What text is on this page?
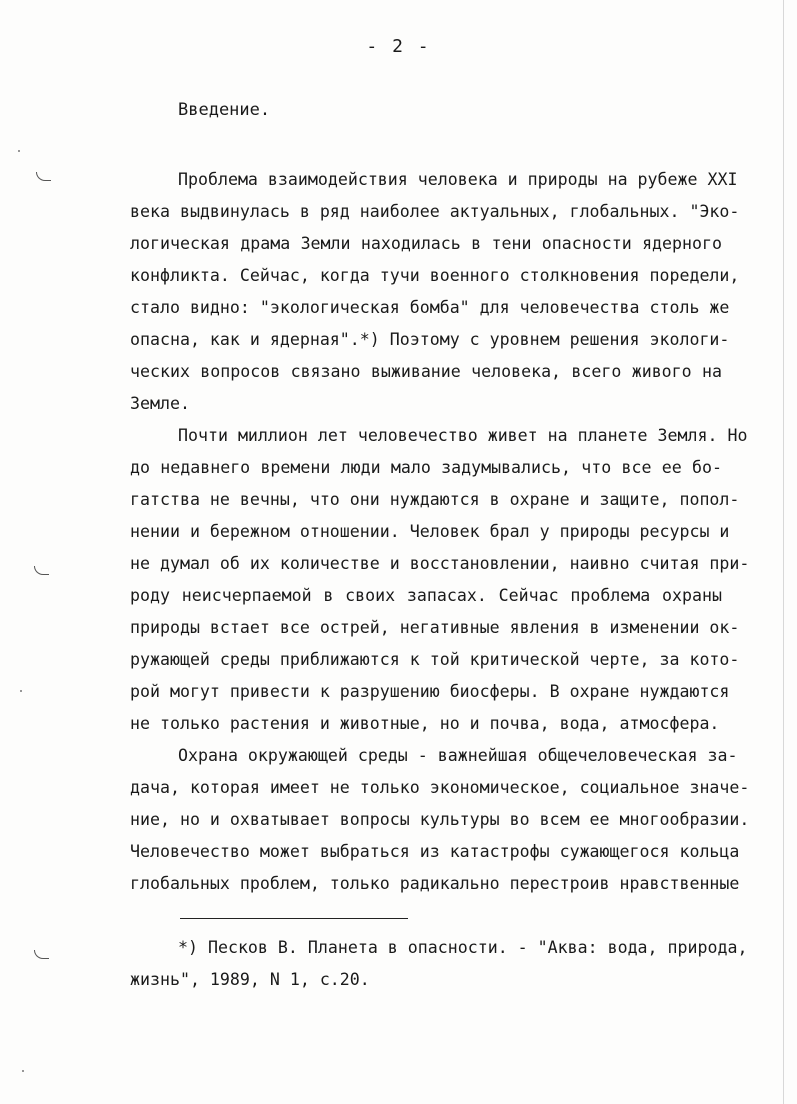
- 2 -
Введение.
Проблема взаимодействия человека и природы на рубеже XXI
века выдвинулась в ряд наиболее актуальных, глобальных. "Эко-
логическая драма Земли находилась в тени опасности ядерного
конфликта. Сейчас, когда тучи военного столкновения поредели,
стало видно: "экологическая бомба" для человечества столь же
опасна, как и ядерная".*) Поэтому с уровнем решения экологи-
ческих вопросов связано выживание человека, всего живого на
Земле.
Почти миллион лет человечество живет на планете Земля. Но
до недавнего времени люди мало задумывались, что все ее бо-
гатства не вечны, что они нуждаются в охране и защите, попол-
нении и бережном отношении. Человек брал у природы ресурсы и
не думал об их количестве и восстановлении, наивно считая при-
роду неисчерпаемой в своих запасах. Сейчас проблема охраны
природы встает все острей, негативные явления в изменении ок-
ружающей среды приближаются к той критической черте, за кото-
рой могут привести к разрушению биосферы. В охране нуждаются
не только растения и животные, но и почва, вода, атмосфера.
Охрана окружающей среды - важнейшая общечеловеческая за-
дача, которая имеет не только экономическое, социальное значе-
ние, но и охватывает вопросы культуры во всем ее многообразии.
Человечество может выбраться из катастрофы сужающегося кольца
глобальных проблем, только радикально перестроив нравственные
*) Песков В. Планета в опасности. - "Аква: вода, природа,
жизнь", 1989, N 1, с.20.
